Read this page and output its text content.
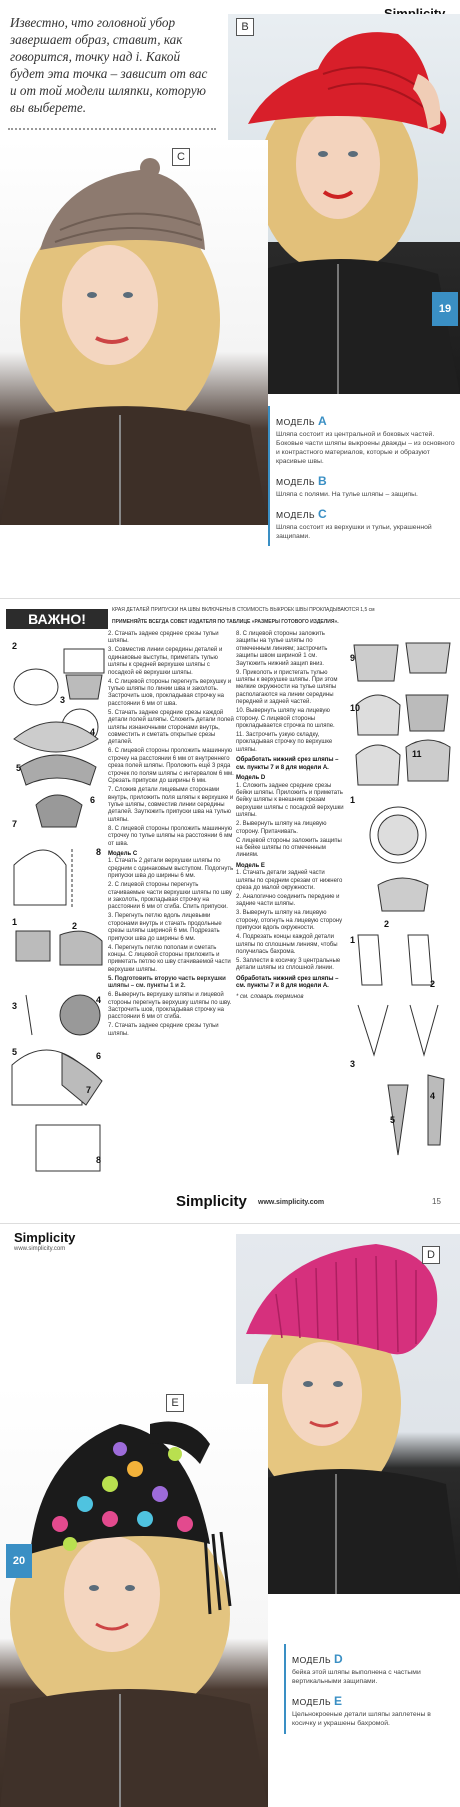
Известно, что головной убор завершает образ, ставит, как говорится, точку над i. Какой будет эта точка – зависит от вас и от той модели шляпки, которую вы выберете.
B
19
C
МОДЕЛЬ A
Шляпа состоит из центральной и боковых частей. Боковые части шляпы выкроены дважды – из основного и контрастного материалов, которые и образуют красивые швы.
МОДЕЛЬ B
Шляпа с полями. На тулье шляпы – защипы.
МОДЕЛЬ C
Шляпа состоит из верхушки и тульи, украшенной защипами.
ВАЖНО!
КРАЯ ДЕТАЛЕЙ ПРИПУСКИ НА ШВЫ ВКЛЮЧЕНЫ В СТОИМОСТЬ ВЫКРОЕК ШВЫ ПРОКЛАДЫВАЮТСЯ 1,5 см
ПРИМЕНЯЙТЕ ВСЕГДА СОВЕТ ИЗДАТЕЛЯ ПО ТАБЛИЦЕ «РАЗМЕРЫ ГОТОВОГО ИЗДЕЛИЯ».
2
3
4
5
6
7
8
1	2
3
4
5	6
7
8

2. Стачать заднее среднее срезы тульи шляпы.

3. Совместив линии середины деталей и одинаковые выступы, приметать тулью шляпы к средней верхушке шляпы с посадкой её верхушки шляпы.

4. С лицевой стороны перегнуть верхушку и тулью шляпы по линии шва и заколоть. Застрочить шов, прокладывая строчку на расстоянии 6 мм от шва.

5. Стачать заднее средние срезы каждой детали полей шляпы. Сложить детали полей шляпы изнаночными сторонами внутрь, совместить и сметать открытые срезы деталей.

6. С лицевой стороны проложить машинную строчку на расстоянии 6 мм от внутреннего среза полей шляпы. Проложить ещё 3 ряда строчек по полям шляпы с интервалом 6 мм. Срезать припуски до ширины 6 мм.

7. Сложив детали лицевыми сторонами внутрь, приложить поля шляпы к верхушке и тулье шляпы, совместив линии середины деталей. Заутюжить припуски шва на тулью шляпы.

8. С лицевой стороны проложить машинную строчку по тулье шляпы на расстоянии 6 мм от шва.

Модель С

1. Стачать 2 детали верхушки шляпы по средним с одинаковым выступом. Подогнуть припуски шва до ширины 6 мм.

2. С лицевой стороны перегнуть стачиваемые части верхушки шляпы по шву и заколоть, прокладывая строчку на расстоянии 6 мм от сгиба. Спить припуски.

3. Перегнуть петлю вдоль лицевыми сторонами внутрь и стачать продольные срезы шляпы шириной 6 мм. Подрезать припуски шва до ширины 6 мм.

4. Перегнуть петлю пополам и сметать концы. С лицевой стороны приложить и приметать петлю ко шву стачиваемой части верхушки шляпы.

5. Подготовить вторую часть верхушки шляпы – см. пункты 1 и 2.

6. Вывернуть верхушку шляпы и лицевой стороны перегнуть верхушку шляпы по шву. Застрочить шов, прокладывая строчку на расстоянии 6 мм от сгиба.

7. Стачать заднее средние срезы тульи шляпы.

8. С лицевой стороны заложить защипы на тулье шляпы по отмеченным линиям; застрочить защипы швом шириной 1 см. Заутюжить нижний защип вниз.

9. Приколоть и пристегать тулью шляпы к верхушке шляпы. При этом мелкие окружности на тулье шляпы располагаются на линии середины передней и задней частей.

10. Вывернуть шляпу на лицевую сторону. С лицевой стороны прокладывается строчка по шляпе.

11. Застрочить узкую складку, прокладывая строчку по верхушке шляпы.

Обработать нижний срез шляпы – см. пункты 7 и 8 для модели А.
Модель D

1. Сложить заднее средние срезы бейки шляпы. Приложить и приметать бейку шляпы к внешним срезам верхушки шляпы с посадкой верхушки шляпы.

2. Вывернуть шляпу на лицевую сторону. Притачивать.

С лицевой стороны заложить защипы на бейке шляпы по отмеченным линиям.

Модель E

1. Стачать детали задней части шляпы по средним срезам от нижнего среза до малой окружности.

2. Аналогично соединить передние и задние части шляпы.

3. Вывернуть шляпу на лицевую сторону, отогнуть на лицевую сторону припуски вдоль окружности.

4. Подрезать концы каждой детали шляпы по сплошным линиям, чтобы получилась бахрома.

5. Заплести в косичку 3 центральные детали шляпы из сплошной линии.

Обработать нижний срез шляпы – см. пункты 7 и 8 для модели А.

* см. словарь терминов

9
10
11
1
2
1
2
3
4
5
Simplicity www.simplicity.com	15
Simplicity
www.simplicity.com	D
E
20
МОДЕЛЬ D
бейка этой шляпы выполнена с частыми вертикальными защипами.
МОДЕЛЬ E
Цельнокроеные детали шляпы заплетены в косичку и украшены бахромой.
